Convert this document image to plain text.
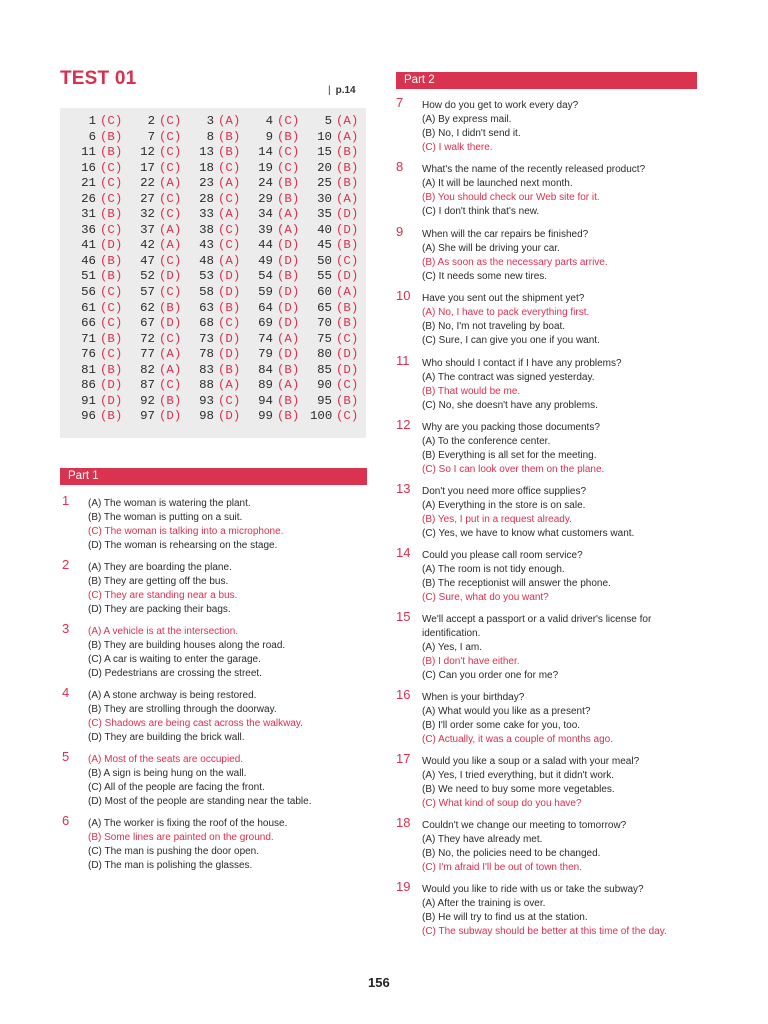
TEST 01
| p.14
1 (C)	2 (C)	3 (A)	4 (C)	5 (A)
6 (B)	7 (C)	8 (B)	9 (B)	10 (A)
11 (B)	12 (C)	13 (B)	14 (C)	15 (B)
16 (C)	17 (C)	18 (C)	19 (C)	20 (B)
21 (C)	22 (A)	23 (A)	24 (B)	25 (B)
26 (C)	27 (C)	28 (C)	29 (B)	30 (A)
31 (B)	32 (C)	33 (A)	34 (A)	35 (D)
36 (C)	37 (A)	38 (C)	39 (A)	40 (D)
41 (D)	42 (A)	43 (C)	44 (D)	45 (B)
46 (B)	47 (C)	48 (A)	49 (D)	50 (C)
51 (B)	52 (D)	53 (D)	54 (B)	55 (D)
56 (C)	57 (C)	58 (D)	59 (D)	60 (A)
61 (C)	62 (B)	63 (B)	64 (D)	65 (B)
66 (C)	67 (D)	68 (C)	69 (D)	70 (B)
71 (B)	72 (C)	73 (D)	74 (A)	75 (C)
76 (C)	77 (A)	78 (D)	79 (D)	80 (D)
81 (B)	82 (A)	83 (B)	84 (B)	85 (D)
86 (D)	87 (C)	88 (A)	89 (A)	90 (C)
91 (D)	92 (B)	93 (C)	94 (B)	95 (B)
96 (B)	97 (D)	98 (D)	99 (B) 100 (C)
Part 1
1	(A) The woman is watering the plant.
(B) The woman is putting on a suit.
(C) The woman is talking into a microphone.
(D) The woman is rehearsing on the stage.
2	(A) They are boarding the plane.
(B) They are getting off the bus.
(C) They are standing near a bus.
(D) They are packing their bags.
3	(A) A vehicle is at the intersection.
(B) They are building houses along the road.
(C) A car is waiting to enter the garage.
(D) Pedestrians are crossing the street.
4	(A) A stone archway is being restored.
(B) They are strolling through the doorway.
(C) Shadows are being cast across the walkway.
(D) They are building the brick wall.
5	(A) Most of the seats are occupied.
(B) A sign is being hung on the wall.
(C) All of the people are facing the front.
(D) Most of the people are standing near the table.
6	(A) The worker is fixing the roof of the house.
(B) Some lines are painted on the ground.
(C) The man is pushing the door open.
(D) The man is polishing the glasses.
Part 2
7	How do you get to work every day?
(A) By express mail.
(B) No, I didn't send it.
(C) I walk there.
8	What's the name of the recently released product?
(A) It will be launched next month.
(B) You should check our Web site for it.
(C) I don't think that's new.
9	When will the car repairs be finished?
(A) She will be driving your car.
(B) As soon as the necessary parts arrive.
(C) It needs some new tires.
10	Have you sent out the shipment yet?
(A) No, I have to pack everything first.
(B) No, I'm not traveling by boat.
(C) Sure, I can give you one if you want.
11	Who should I contact if I have any problems?
(A) The contract was signed yesterday.
(B) That would be me.
(C) No, she doesn't have any problems.
12	Why are you packing those documents?
(A) To the conference center.
(B) Everything is all set for the meeting.
(C) So I can look over them on the plane.
13	Don't you need more office supplies?
(A) Everything in the store is on sale.
(B) Yes, I put in a request already.
(C) Yes, we have to know what customers want.
14	Could you please call room service?
(A) The room is not tidy enough.
(B) The receptionist will answer the phone.
(C) Sure, what do you want?
15	We'll accept a passport or a valid driver's license for
identification.
(A) Yes, I am.
(B) I don't have either.
(C) Can you order one for me?
16	When is your birthday?
(A) What would you like as a present?
(B) I'll order some cake for you, too.
(C) Actually, it was a couple of months ago.
17	Would you like a soup or a salad with your meal?
(A) Yes, I tried everything, but it didn't work.
(B) We need to buy some more vegetables.
(C) What kind of soup do you have?
18	Couldn't we change our meeting to tomorrow?
(A) They have already met.
(B) No, the policies need to be changed.
(C) I'm afraid I'll be out of town then.
19	Would you like to ride with us or take the subway?
(A) After the training is over.
(B) He will try to find us at the station.
(C) The subway should be better at this time of the day.
156
